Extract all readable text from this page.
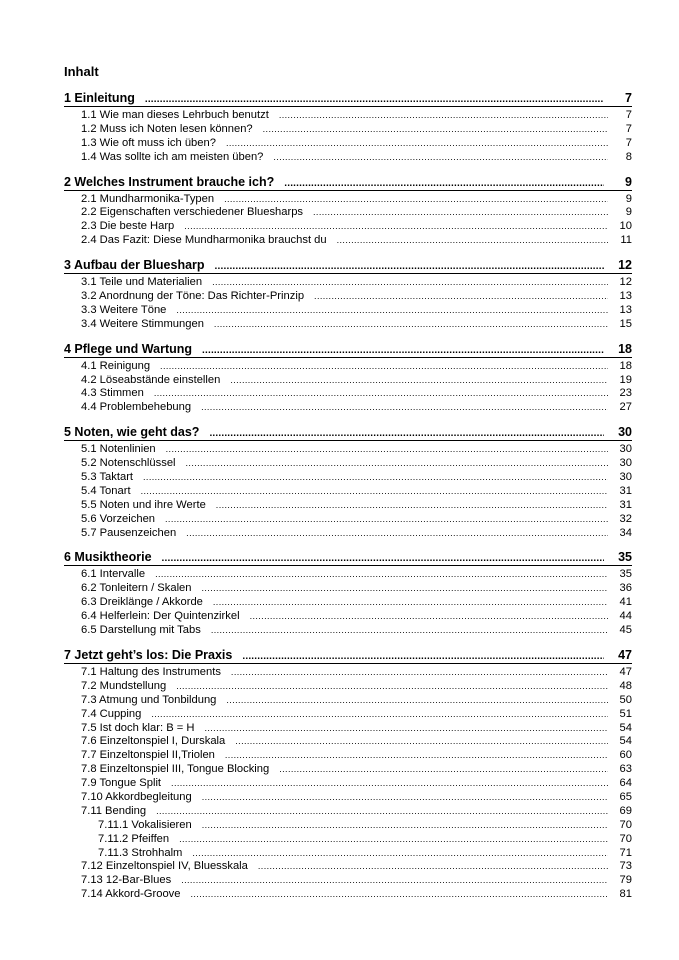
Inhalt
1 Einleitung .....	7
1.1 Wie man dieses Lehrbuch benutzt .....	7
1.2 Muss ich Noten lesen können? .....	7
1.3 Wie oft muss ich üben? .....	7
1.4 Was sollte ich am meisten üben? .....	8
2 Welches Instrument brauche ich? .....	9
2.1 Mundharmonika-Typen .....	9
2.2 Eigenschaften verschiedener Bluesharps .....	9
2.3 Die beste Harp .....	10
2.4 Das Fazit: Diese Mundharmonika brauchst du .....	11
3 Aufbau der Bluesharp .....	12
3.1 Teile und Materialien .....	12
3.2 Anordnung der Töne: Das Richter-Prinzip .....	13
3.3 Weitere Töne .....	13
3.4 Weitere Stimmungen .....	15
4 Pflege und Wartung .....	18
4.1 Reinigung .....	18
4.2 Löseabstände einstellen .....	19
4.3 Stimmen .....	23
4.4 Problembehebung .....	27
5 Noten, wie geht das? .....	30
5.1 Notenlinien .....	30
5.2 Notenschlüssel .....	30
5.3 Taktart .....	30
5.4 Tonart .....	31
5.5 Noten und ihre Werte .....	31
5.6 Vorzeichen .....	32
5.7 Pausenzeichen .....	34
6 Musiktheorie .....	35
6.1 Intervalle .....	35
6.2 Tonleitern / Skalen .....	36
6.3 Dreiklänge / Akkorde .....	41
6.4 Helferlein: Der Quintenzirkel .....	44
6.5 Darstellung mit Tabs .....	45
7 Jetzt geht’s los: Die Praxis .....	47
7.1 Haltung des Instruments .....	47
7.2 Mundstellung .....	48
7.3 Atmung und Tonbildung .....	50
7.4 Cupping .....	51
7.5 Ist doch klar: B = H .....	54
7.6 Einzeltonspiel I, Durskala .....	54
7.7 Einzeltonspiel II,Triolen .....	60
7.8 Einzeltonspiel III, Tongue Blocking .....	63
7.9 Tongue Split .....	64
7.10 Akkordbegleitung .....	65
7.11 Bending .....	69
7.11.1 Vokalisieren .....	70
7.11.2 Pfeiffen .....	70
7.11.3 Strohhalm .....	71
7.12 Einzeltonspiel IV, Bluesskala .....	73
7.13 12-Bar-Blues .....	79
7.14 Akkord-Groove .....	81
